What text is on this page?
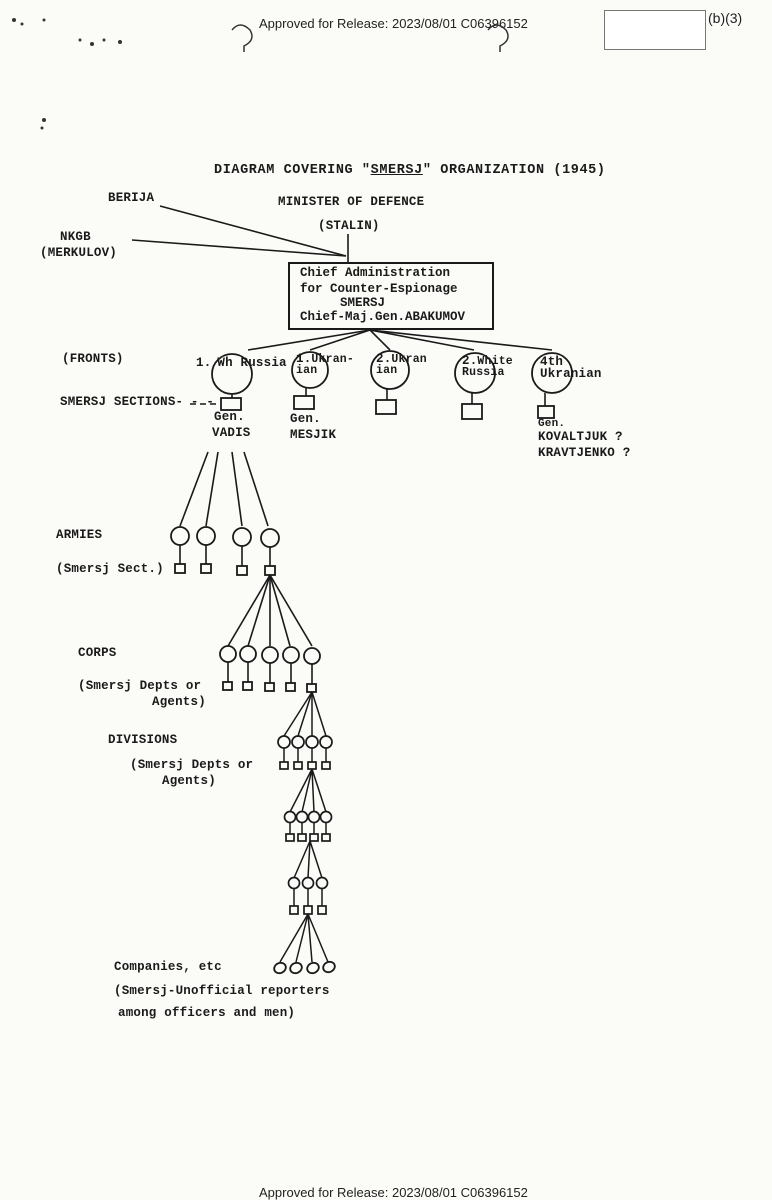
Approved for Release: 2023/08/01 C06396152	(b)(3)
Approved for Release: 2023/08/01 C06396152
DIAGRAM COVERING "SMERSJ" ORGANIZATION (1945)
BERIJA	MINISTER OF DEFENCE
(STALIN)
NKGB
(MERKULOV)
Chief Administration
for Counter-Espionage
SMERSJ
Chief-Maj.Gen.ABAKUMOV
(FRONTS)	1. Wh Russia 1.Ukran-
ian
2.Ukran
ian
2.White
Russia
4th
Ukranian
SMERSJ SECTIONS- - -
Gen.
VADIS
Gen.
MESJIK
Gen.
KOVALTJUK ?
KRAVTJENKO ?
ARMIES
(Smersj Sect.)
CORPS
(Smersj Depts or
Agents)
DIVISIONS
(Smersj Depts or
Agents)
Companies, etc
(Smersj-Unofficial reporters
among officers and men)
